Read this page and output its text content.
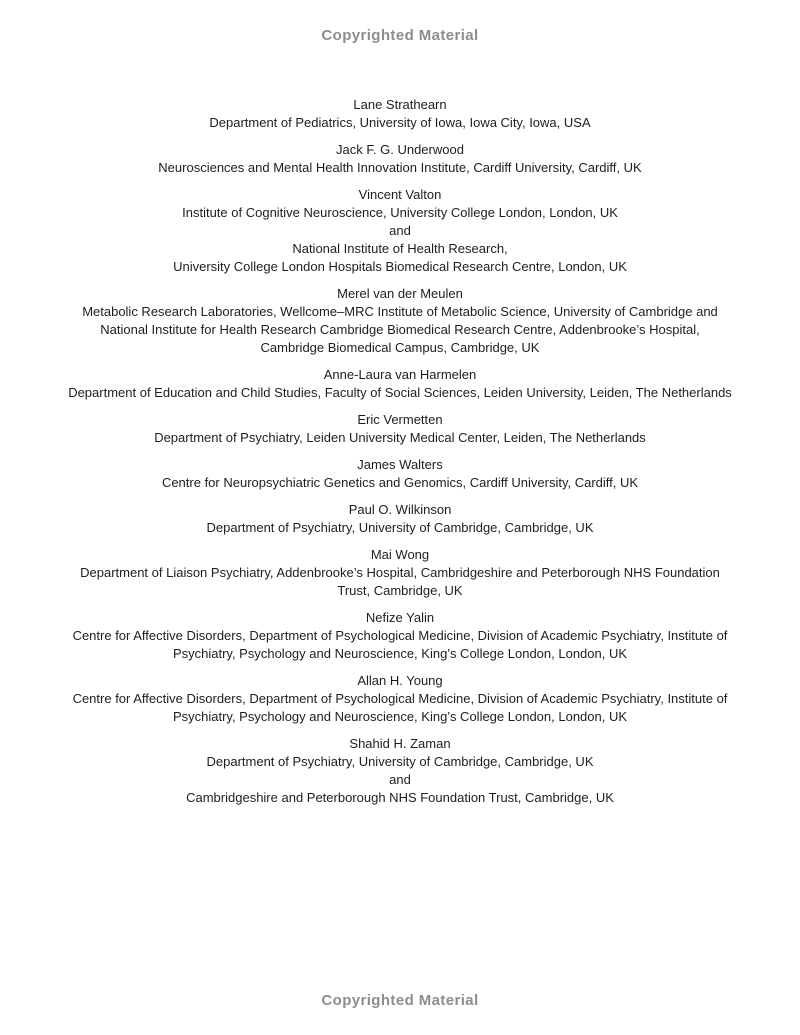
Copyrighted Material
Lane Strathearn
Department of Pediatrics, University of Iowa, Iowa City, Iowa, USA
Jack F. G. Underwood
Neurosciences and Mental Health Innovation Institute, Cardiff University, Cardiff, UK
Vincent Valton
Institute of Cognitive Neuroscience, University College London, London, UK
and
National Institute of Health Research,
University College London Hospitals Biomedical Research Centre, London, UK
Merel van der Meulen
Metabolic Research Laboratories, Wellcome–MRC Institute of Metabolic Science, University of Cambridge and
National Institute for Health Research Cambridge Biomedical Research Centre, Addenbrooke’s Hospital,
Cambridge Biomedical Campus, Cambridge, UK
Anne-Laura van Harmelen
Department of Education and Child Studies, Faculty of Social Sciences, Leiden University, Leiden, The Netherlands
Eric Vermetten
Department of Psychiatry, Leiden University Medical Center, Leiden, The Netherlands
James Walters
Centre for Neuropsychiatric Genetics and Genomics, Cardiff University, Cardiff, UK
Paul O. Wilkinson
Department of Psychiatry, University of Cambridge, Cambridge, UK
Mai Wong
Department of Liaison Psychiatry, Addenbrooke’s Hospital, Cambridgeshire and Peterborough NHS Foundation
Trust, Cambridge, UK
Nefize Yalin
Centre for Affective Disorders, Department of Psychological Medicine, Division of Academic Psychiatry, Institute of
Psychiatry, Psychology and Neuroscience, King’s College London, London, UK
Allan H. Young
Centre for Affective Disorders, Department of Psychological Medicine, Division of Academic Psychiatry, Institute of
Psychiatry, Psychology and Neuroscience, King’s College London, London, UK
Shahid H. Zaman
Department of Psychiatry, University of Cambridge, Cambridge, UK
and
Cambridgeshire and Peterborough NHS Foundation Trust, Cambridge, UK
Copyrighted Material
